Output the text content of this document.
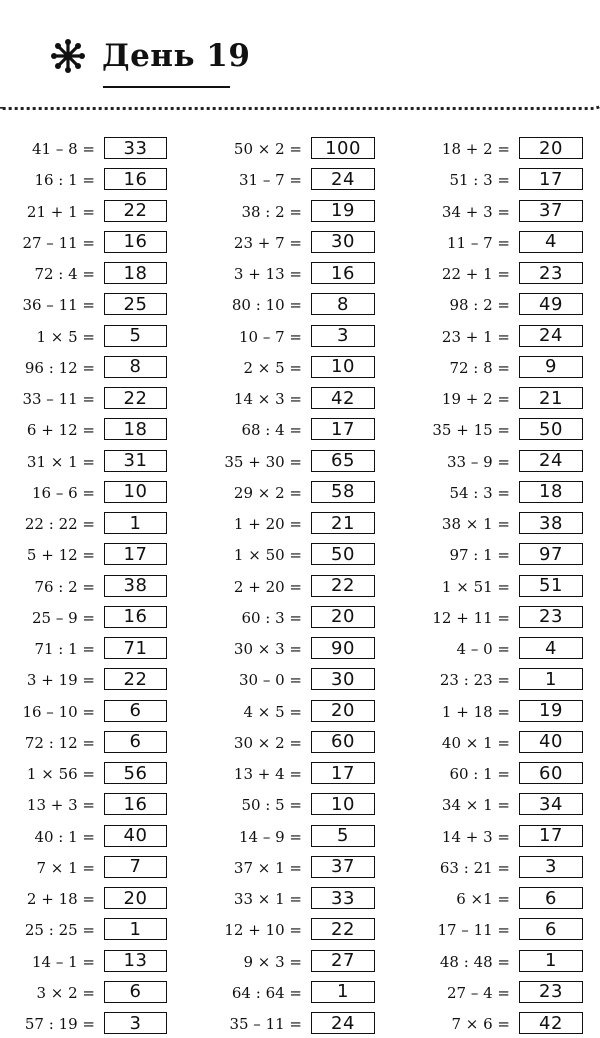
День 19
41 – 8 =	33
16 : 1 =	16
21 + 1 =	22
27 – 11 =	16
72 : 4 =	18
36 – 11 =	25
1 × 5 =	5
96 : 12 =	8
33 – 11 =	22
6 + 12 =	18
31 × 1 =	31
16 – 6 =	10
22 : 22 =	1
5 + 12 =	17
76 : 2 =	38
25 – 9 =	16
71 : 1 =	71
3 + 19 =	22
16 – 10 =	6
72 : 12 =	6
1 × 56 =	56
13 + 3 =	16
40 : 1 =	40
7 × 1 =	7
2 + 18 =	20
25 : 25 =	1
14 – 1 =	13
3 × 2 =	6
57 : 19 =	3
50 × 2 =	100
31 – 7 =	24
38 : 2 =	19
23 + 7 =	30
3 + 13 =	16
80 : 10 =	8
10 – 7 =	3
2 × 5 =	10
14 × 3 =	42
68 : 4 =	17
35 + 30 =	65
29 × 2 =	58
1 + 20 =	21
1 × 50 =	50
2 + 20 =	22
60 : 3 =	20
30 × 3 =	90
30 – 0 =	30
4 × 5 =	20
30 × 2 =	60
13 + 4 =	17
50 : 5 =	10
14 – 9 =	5
37 × 1 =	37
33 × 1 =	33
12 + 10 =	22
9 × 3 =	27
64 : 64 =	1
35 – 11 =	24
18 + 2 =	20
51 : 3 =	17
34 + 3 =	37
11 – 7 =	4
22 + 1 =	23
98 : 2 =	49
23 + 1 =	24
72 : 8 =	9
19 + 2 =	21
35 + 15 =	50
33 – 9 =	24
54 : 3 =	18
38 × 1 =	38
97 : 1 =	97
1 × 51 =	51
12 + 11 =	23
4 – 0 =	4
23 : 23 =	1
1 + 18 =	19
40 × 1 =	40
60 : 1 =	60
34 × 1 =	34
14 + 3 =	17
63 : 21 =	3
6 ×1 =	6
17 – 11 =	6
48 : 48 =	1
27 – 4 =	23
7 × 6 =	42
